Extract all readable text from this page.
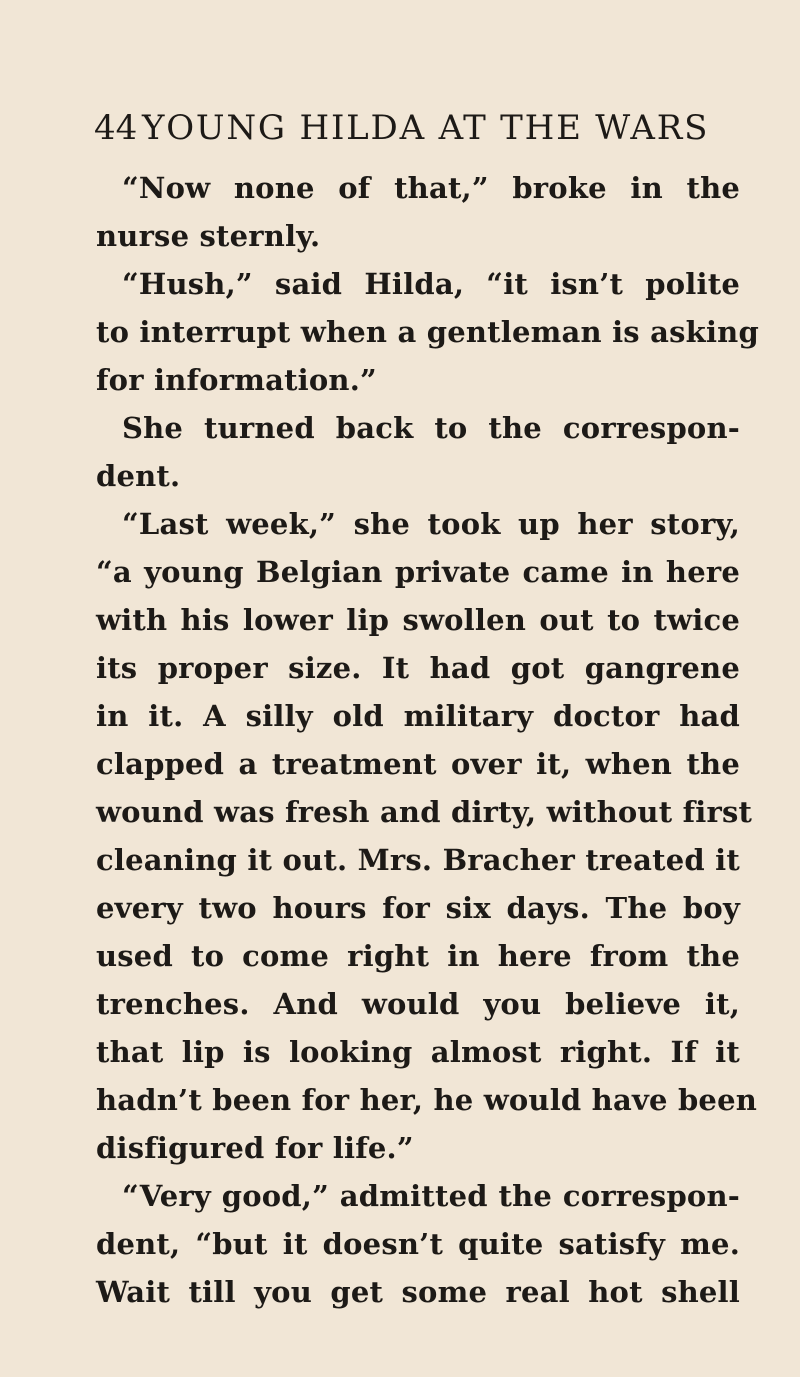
44 YOUNG HILDA AT THE WARS
“Now none of that,” broke in the
nurse sternly.
“Hush,” said Hilda, “it isn’t polite
to interrupt when a gentleman is asking
for information.”
She turned back to the correspon-
dent.
“Last week,” she took up her story,
“a young Belgian private came in here
with his lower lip swollen out to twice
its proper size. It had got gangrene
in it. A silly old military doctor had
clapped a treatment over it, when the
wound was fresh and dirty, without first
cleaning it out. Mrs. Bracher treated it
every two hours for six days. The boy
used to come right in here from the
trenches. And would you believe it,
that lip is looking almost right. If it
hadn’t been for her, he would have been
disfigured for life.”
“Very good,” admitted the correspon-
dent, “but it doesn’t quite satisfy me.
Wait till you get some real hot shell
